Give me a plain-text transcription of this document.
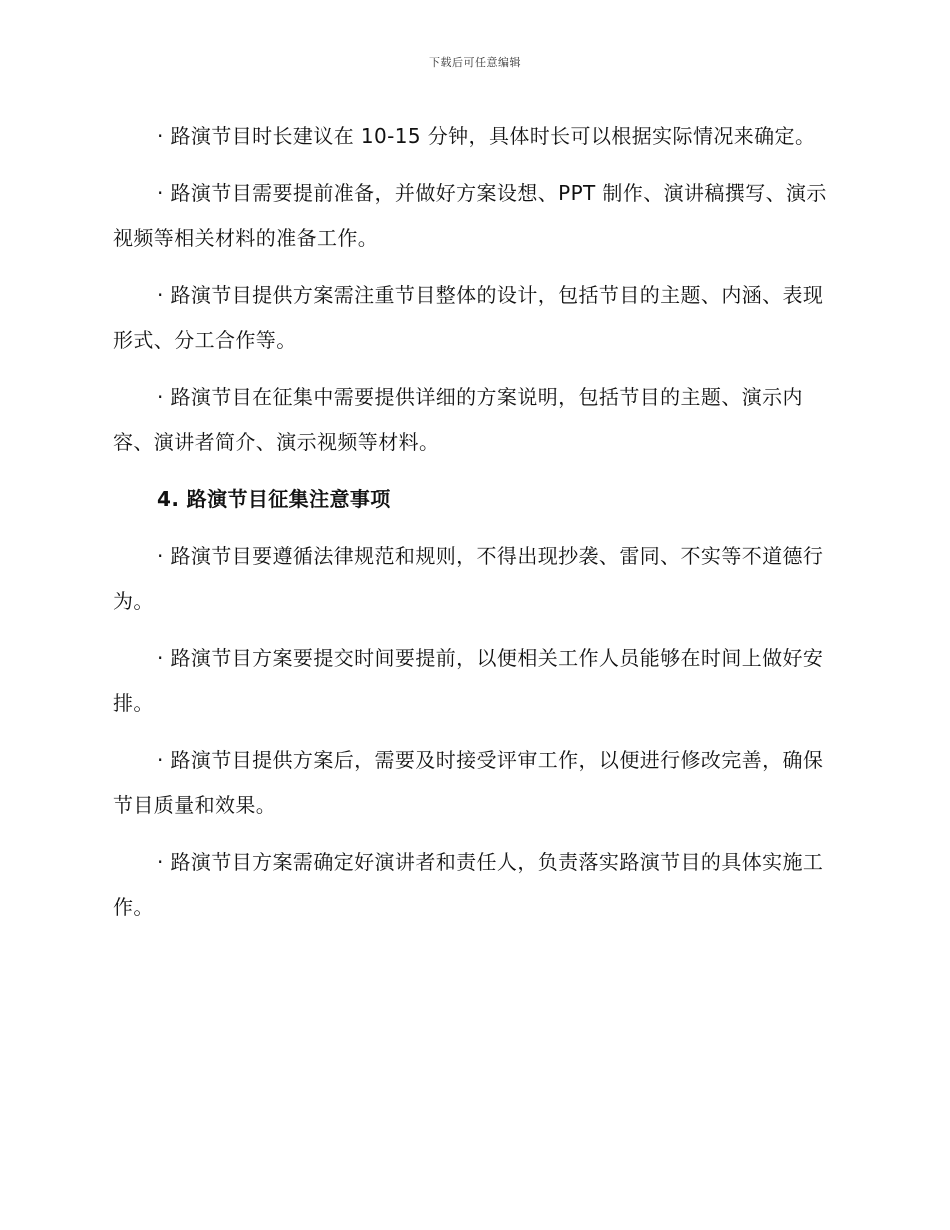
下载后可任意编辑

· 路演节目时长建议在 10-15 分钟，具体时长可以根据实际情况来确定。

· 路演节目需要提前准备，并做好方案设想、PPT 制作、演讲稿撰写、演示视频等相关材料的准备工作。

· 路演节目提供方案需注重节目整体的设计，包括节目的主题、内涵、表现形式、分工合作等。

· 路演节目在征集中需要提供详细的方案说明，包括节目的主题、演示内容、演讲者简介、演示视频等材料。

4. 路演节目征集注意事项

· 路演节目要遵循法律规范和规则，不得出现抄袭、雷同、不实等不道德行为。

· 路演节目方案要提交时间要提前，以便相关工作人员能够在时间上做好安排。

· 路演节目提供方案后，需要及时接受评审工作，以便进行修改完善，确保节目质量和效果。

· 路演节目方案需确定好演讲者和责任人，负责落实路演节目的具体实施工作。
